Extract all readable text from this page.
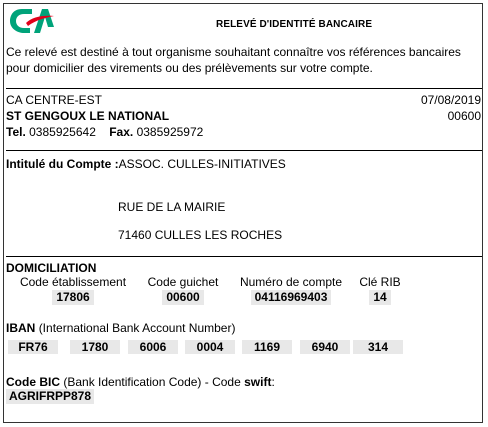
RELEVÉ D'IDENTITÉ BANCAIRE
Ce relevé est destiné à tout organisme souhaitant connaître vos références bancaires pour domicilier des virements ou des prélèvements sur votre compte.
CA CENTRE-EST	07/08/2019
ST GENGOUX LE NATIONAL	00600
Tel. 0385925642 Fax. 0385925972
Intitulé du Compte :ASSOC. CULLES-INITIATIVES
RUE DE LA MAIRIE
71460 CULLES LES ROCHES
DOMICILIATION
Code établissement	Code guichet	Numéro de compte	Clé RIB
17806	00600	04116969403	14
IBAN (International Bank Account Number)
FR76	1780	6006	0004	1169	6940	314
Code BIC (Bank Identification Code) - Code swift:
AGRIFRPP878
